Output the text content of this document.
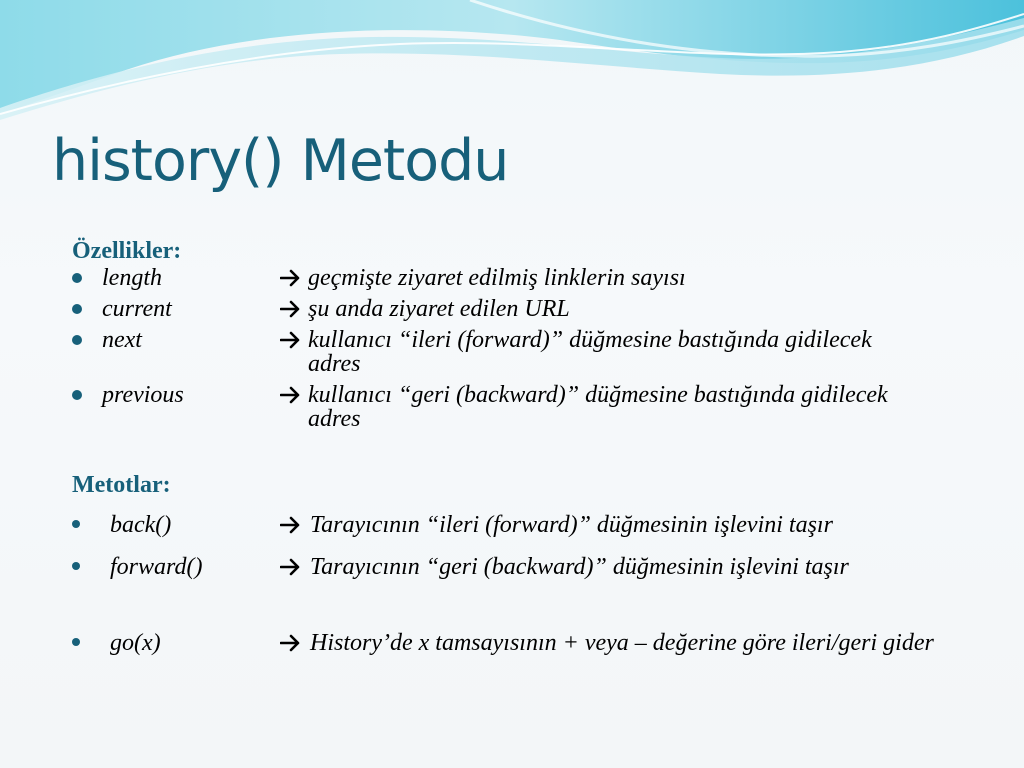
history() Metodu
Özellikler:
length	geçmişte ziyaret edilmiş linklerin sayısı
current	şu anda ziyaret edilen URL
next	kullanıcı “ileri (forward)” düğmesine bastığında gidilecek adres
previous	kullanıcı “geri (backward)” düğmesine bastığında gidilecek adres
Metotlar:
back()	Tarayıcının “ileri (forward)” düğmesinin işlevini taşır
forward()	Tarayıcının “geri (backward)” düğmesinin işlevini taşır
go(x)	History’de x tamsayısının + veya – değerine göre ileri/geri gider
